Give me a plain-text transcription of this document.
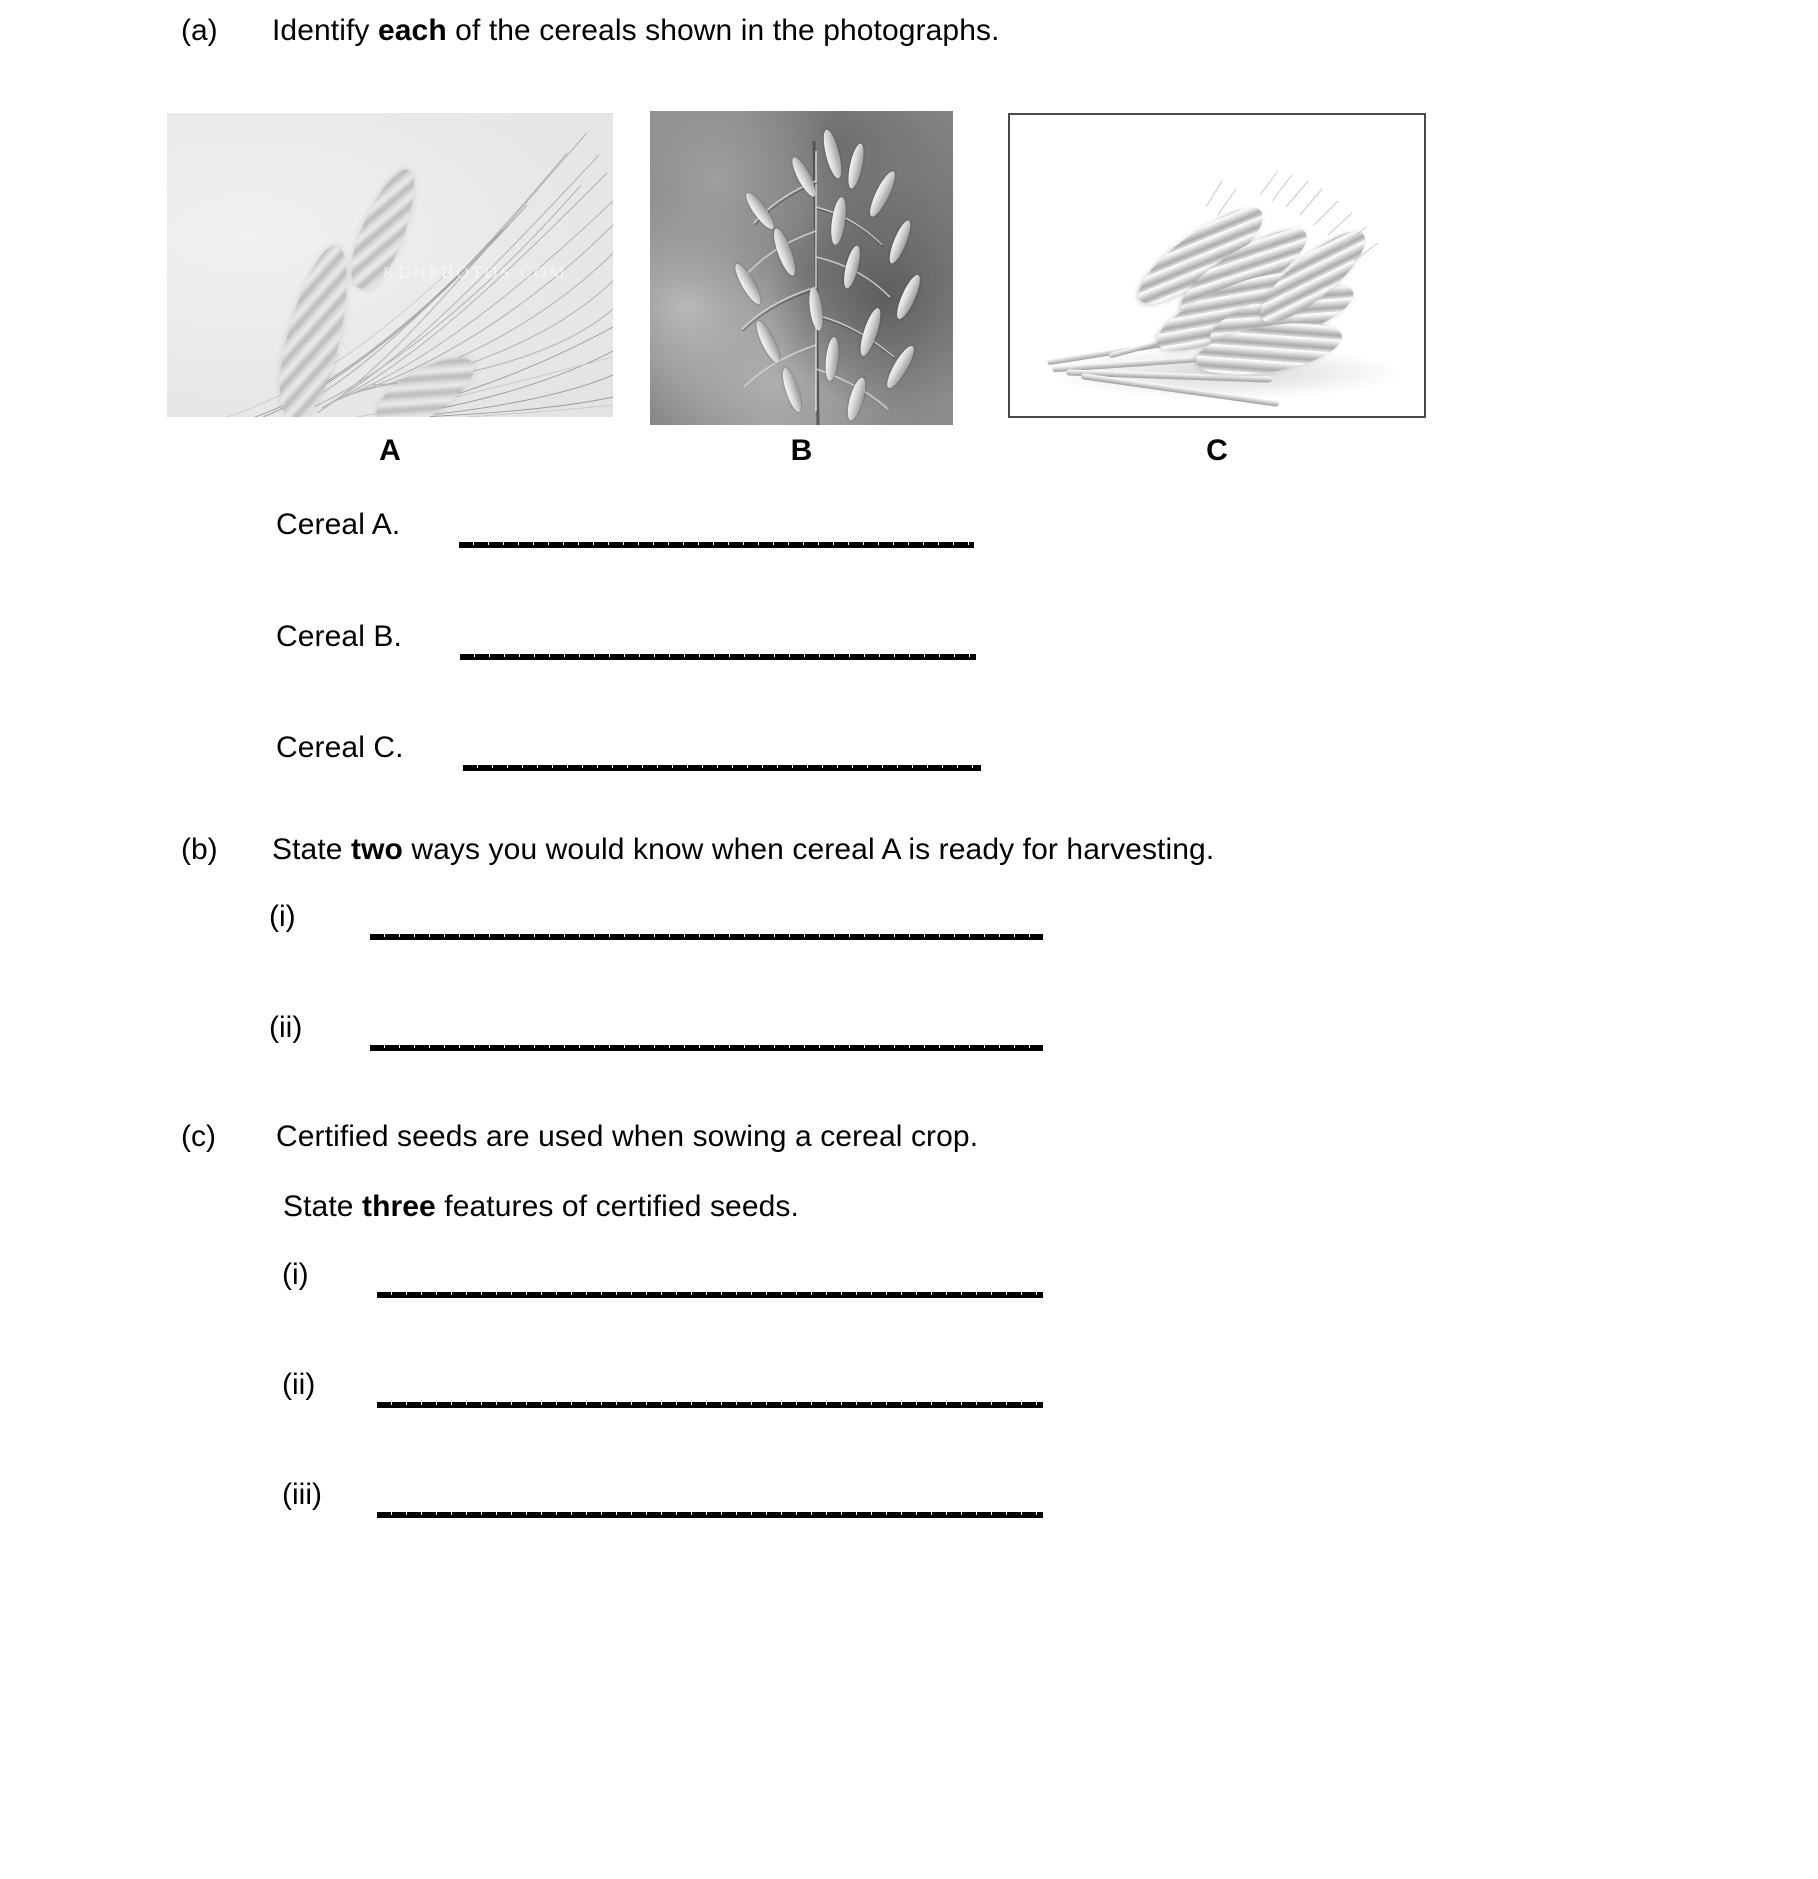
(a) Identify each of the cereals shown in the photographs.
KDNPHOTOS.COM
A	B	C
Cereal A.
Cereal B.
Cereal C.
(b) State two ways you would know when cereal A is ready for harvesting.
(i)
(ii)
(c) Certified seeds are used when sowing a cereal crop.
State three features of certified seeds.
(i)
(ii)
(iii)
